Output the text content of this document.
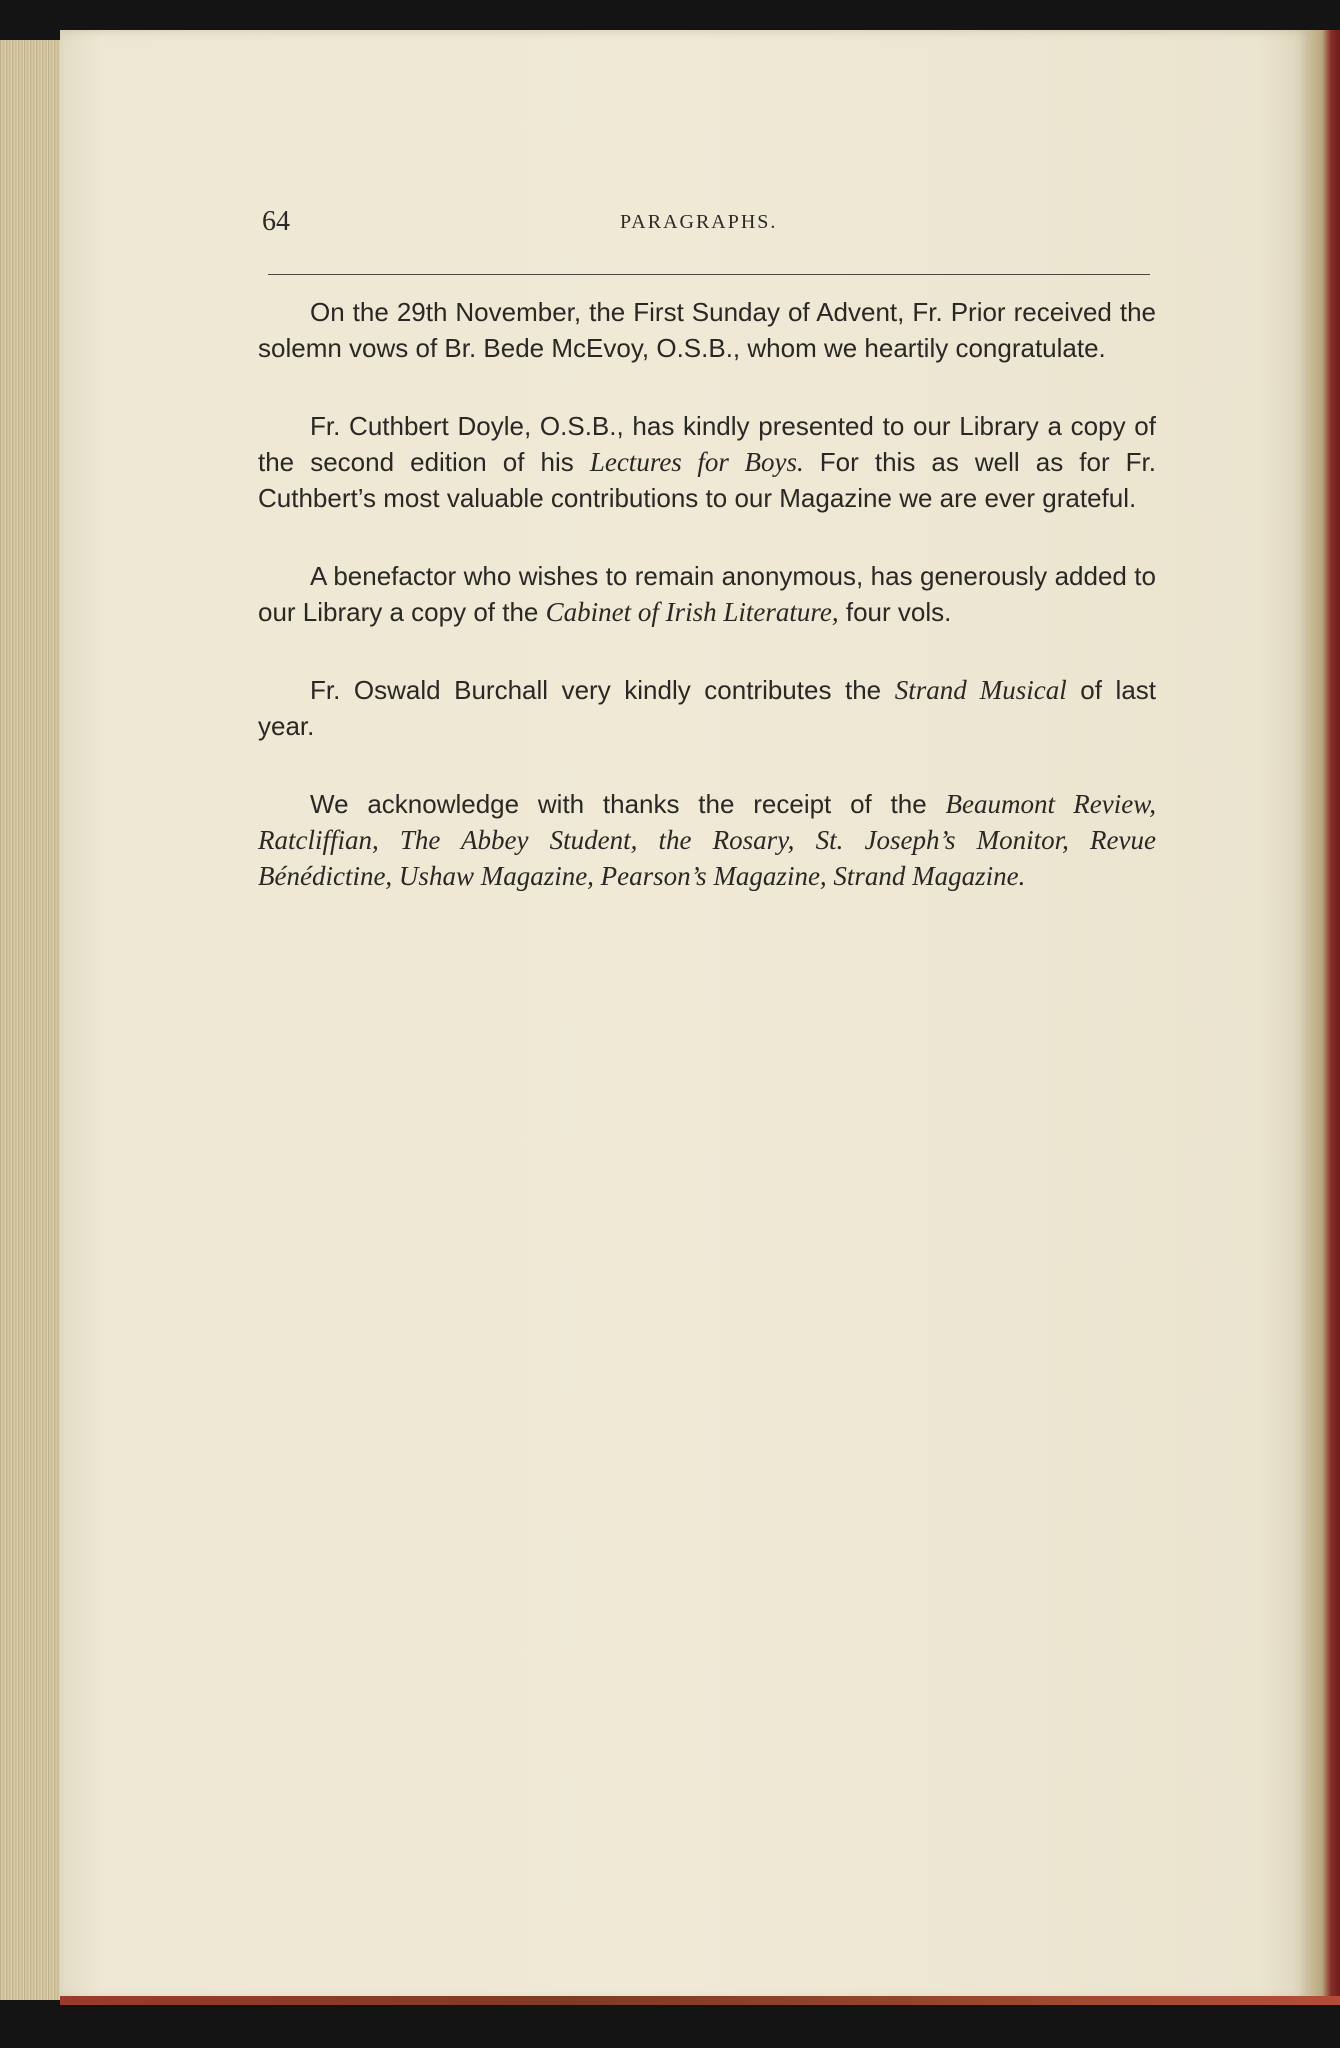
64	PARAGRAPHS.

On the 29th November, the First Sunday of Advent, Fr. Prior received the solemn vows of Br. Bede McEvoy, O.S.B., whom we heartily congratulate.

Fr. Cuthbert Doyle, O.S.B., has kindly presented to our Library a copy of the second edition of his Lectures for Boys. For this as well as for Fr. Cuthbert’s most valuable contributions to our Magazine we are ever grateful.

A benefactor who wishes to remain anonymous, has generously added to our Library a copy of the Cabinet of Irish Literature, four vols.

Fr. Oswald Burchall very kindly contributes the Strand Musical of last year.

We acknowledge with thanks the receipt of the Beaumont Review, Ratcliffian, The Abbey Student, the Rosary, St. Joseph’s Monitor, Revue Bénédictine, Ushaw Magazine, Pearson’s Magazine, Strand Magazine.
